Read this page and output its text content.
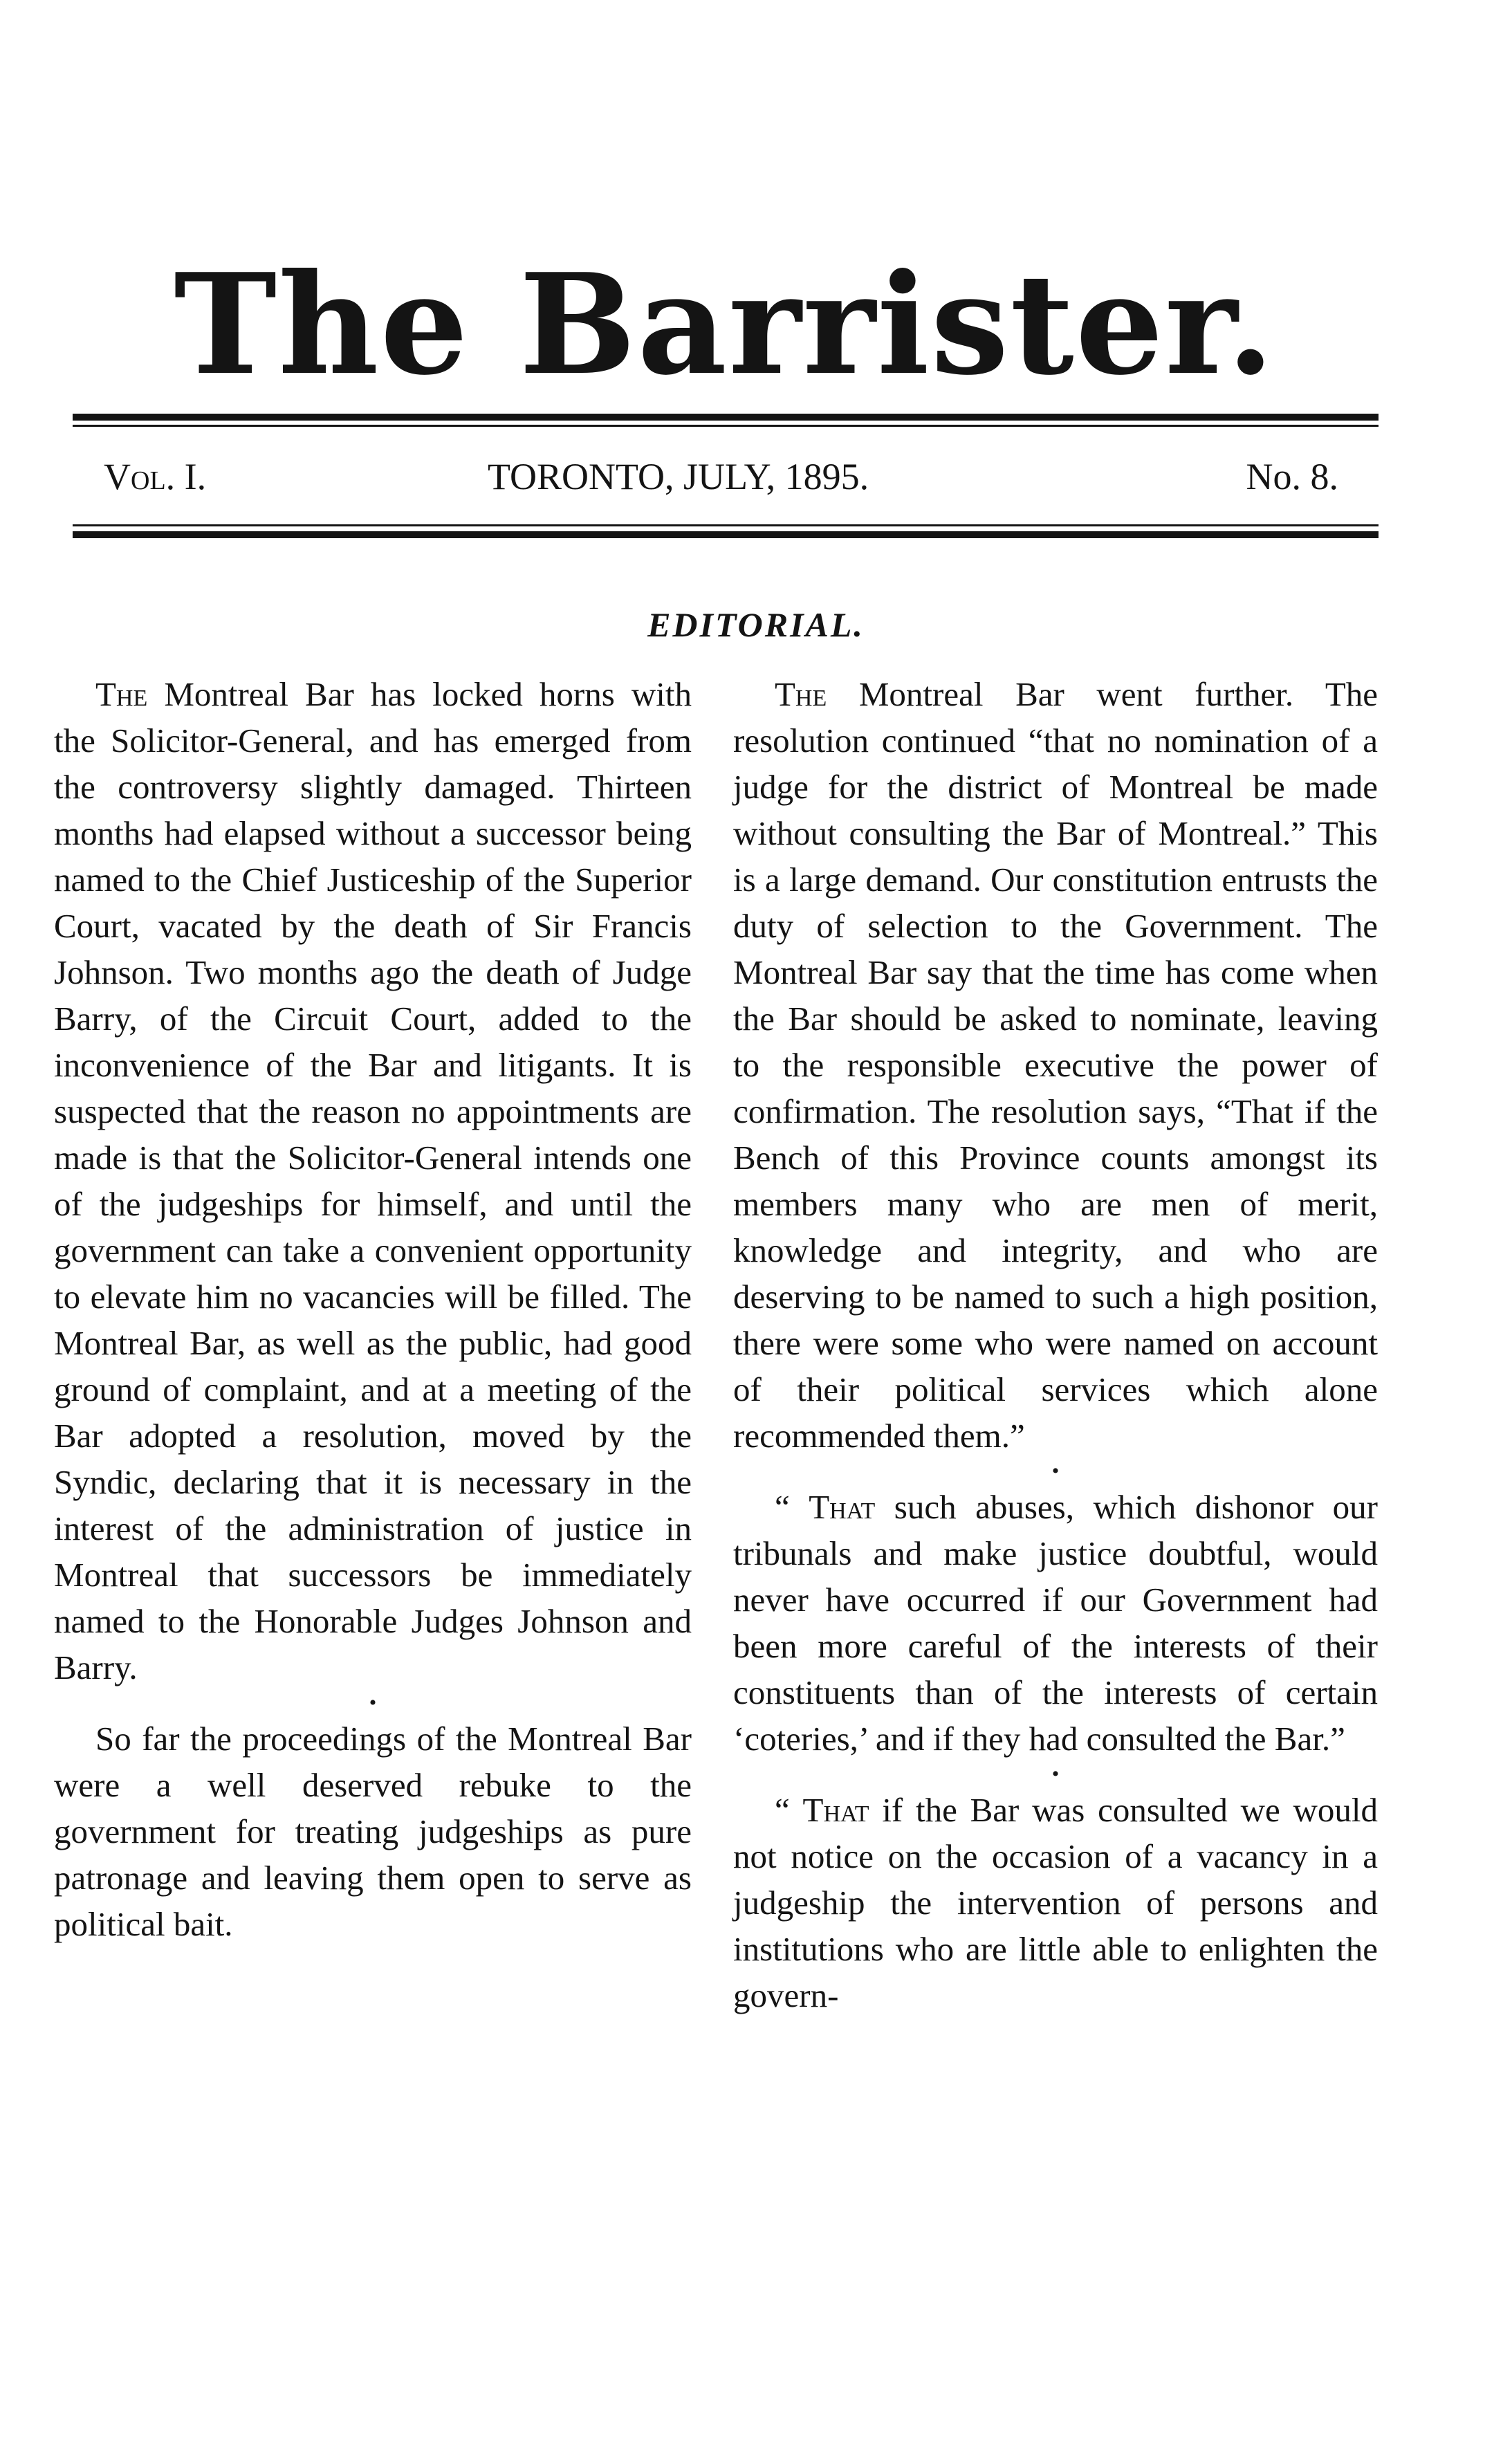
The Barrister.
Vol. I.	TORONTO, JULY, 1895.	No. 8.
EDITORIAL.

The Montreal Bar has locked horns with the Solicitor-General, and has emerged from the controversy slightly damaged. Thirteen months had elapsed without a successor being named to the Chief Justiceship of the Superior Court, vacated by the death of Sir Francis Johnson. Two months ago the death of Judge Barry, of the Circuit Court, added to the inconvenience of the Bar and litigants. It is suspected that the reason no appointments are made is that the Solicitor-General intends one of the judgeships for himself, and until the government can take a convenient opportunity to elevate him no vacancies will be filled. The Montreal Bar, as well as the public, had good ground of complaint, and at a meeting of the Bar adopted a resolution, moved by the Syndic, declaring that it is necessary in the interest of the administration of justice in Montreal that successors be immediately named to the Honorable Judges Johnson and Barry.

•

So far the proceedings of the Montreal Bar were a well deserved rebuke to the government for treating judgeships as pure patronage and leaving them open to serve as political bait.

The Montreal Bar went further. The resolution continued “that no nomination of a judge for the district of Montreal be made without consulting the Bar of Montreal.” This is a large demand. Our constitution entrusts the duty of selection to the Government. The Montreal Bar say that the time has come when the Bar should be asked to nominate, leaving to the responsible executive the power of confirmation. The resolution says, “That if the Bench of this Province counts amongst its members many who are men of merit, knowledge and integrity, and who are deserving to be named to such a high position, there were some who were named on account of their political services which alone recommended them.”

•

“ That such abuses, which dishonor our tribunals and make justice doubtful, would never have occurred if our Government had been more careful of the interests of their constituents than of the interests of certain ‘coteries,’ and if they had consulted the Bar.”

•

“ That if the Bar was consulted we would not notice on the occasion of a vacancy in a judgeship the intervention of persons and institutions who are little able to enlighten the govern-
